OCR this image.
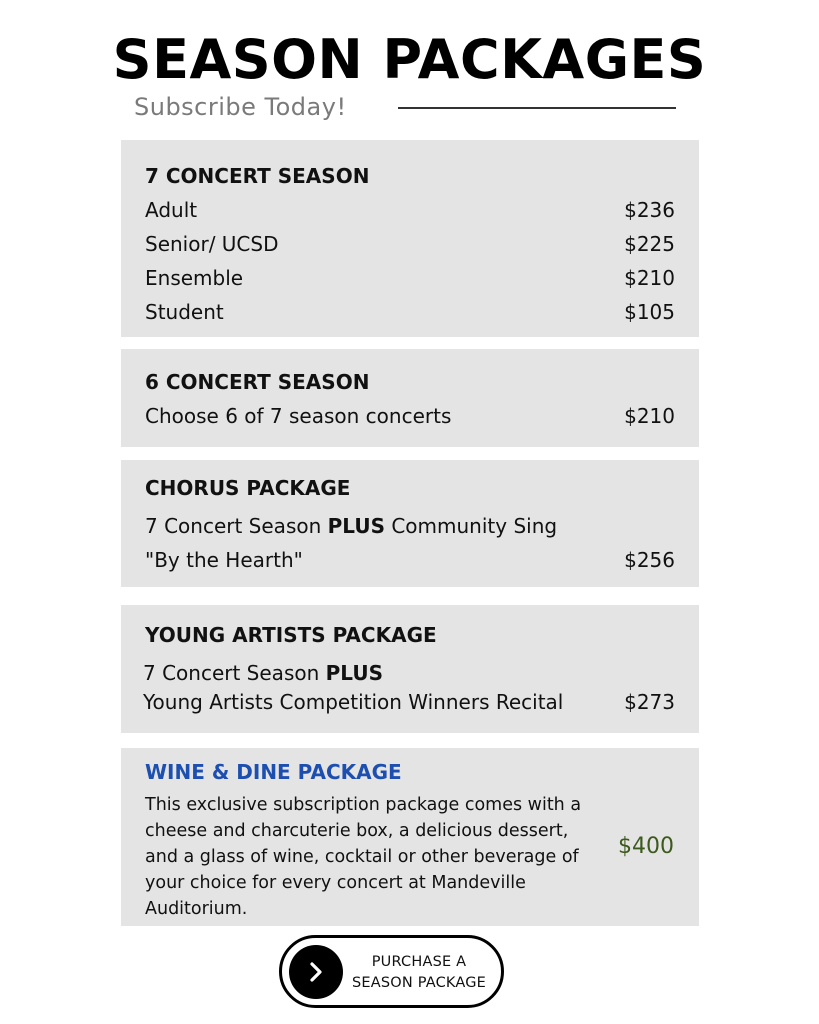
SEASON PACKAGES
Subscribe Today!
7 CONCERT SEASON
Adult	$236
Senior/ UCSD	$225
Ensemble	$210
Student	$105
6 CONCERT SEASON
Choose 6 of 7 season concerts	$210
CHORUS PACKAGE
7 Concert Season PLUS Community Sing
"By the Hearth"	$256
YOUNG ARTISTS PACKAGE
7 Concert Season PLUS
Young Artists Competition Winners Recital	$273
WINE & DINE PACKAGE
This exclusive subscription package comes with a cheese and charcuterie box, a delicious dessert, and a glass of wine, cocktail or other beverage of your choice for every concert at Mandeville Auditorium.
$400
PURCHASE A
SEASON PACKAGE
